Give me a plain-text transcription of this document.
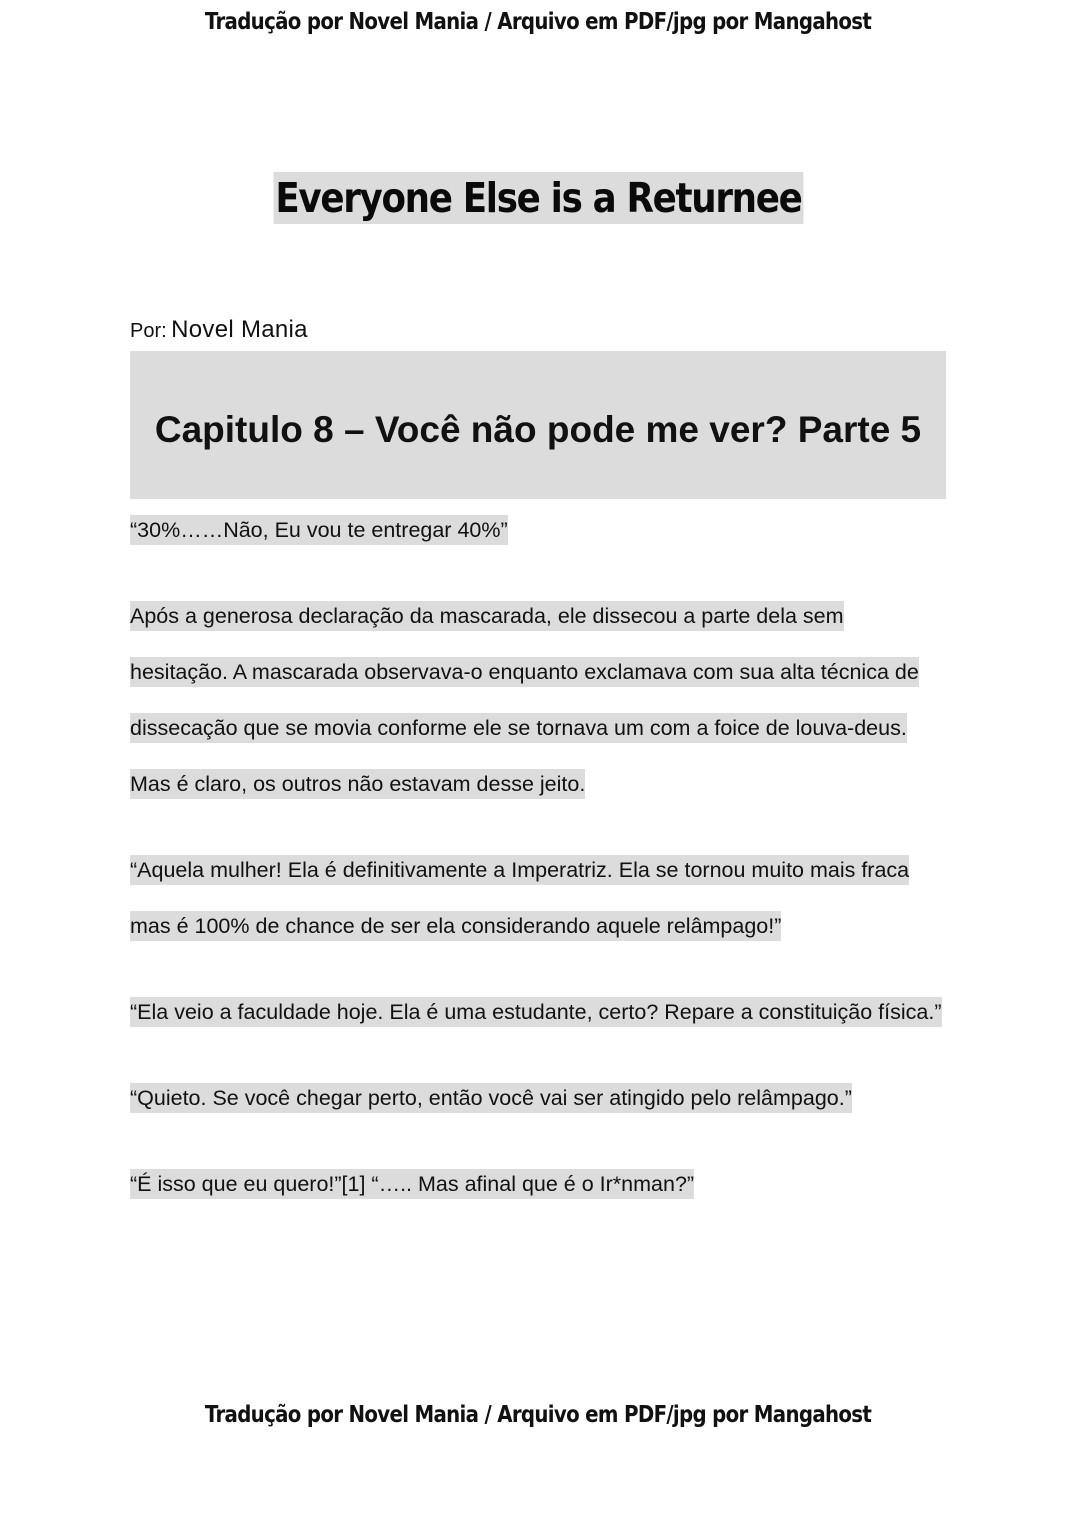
Tradução por Novel Mania / Arquivo em PDF/jpg por Mangahost
Everyone Else is a Returnee
Por: Novel Mania
Capitulo 8 – Você não pode me ver? Parte 5

“30%……Não, Eu vou te entregar 40%”

Após a generosa declaração da mascarada, ele dissecou a parte dela sem hesitação. A mascarada observava-o enquanto exclamava com sua alta técnica de dissecação que se movia conforme ele se tornava um com a foice de louva-deus. Mas é claro, os outros não estavam desse jeito.

“Aquela mulher! Ela é definitivamente a Imperatriz. Ela se tornou muito mais fraca mas é 100% de chance de ser ela considerando aquele relâmpago!”

“Ela veio a faculdade hoje. Ela é uma estudante, certo? Repare a constituição física.”

“Quieto. Se você chegar perto, então você vai ser atingido pelo relâmpago.”

“É isso que eu quero!”[1] “….. Mas afinal que é o Ir*nman?”

Tradução por Novel Mania / Arquivo em PDF/jpg por Mangahost
